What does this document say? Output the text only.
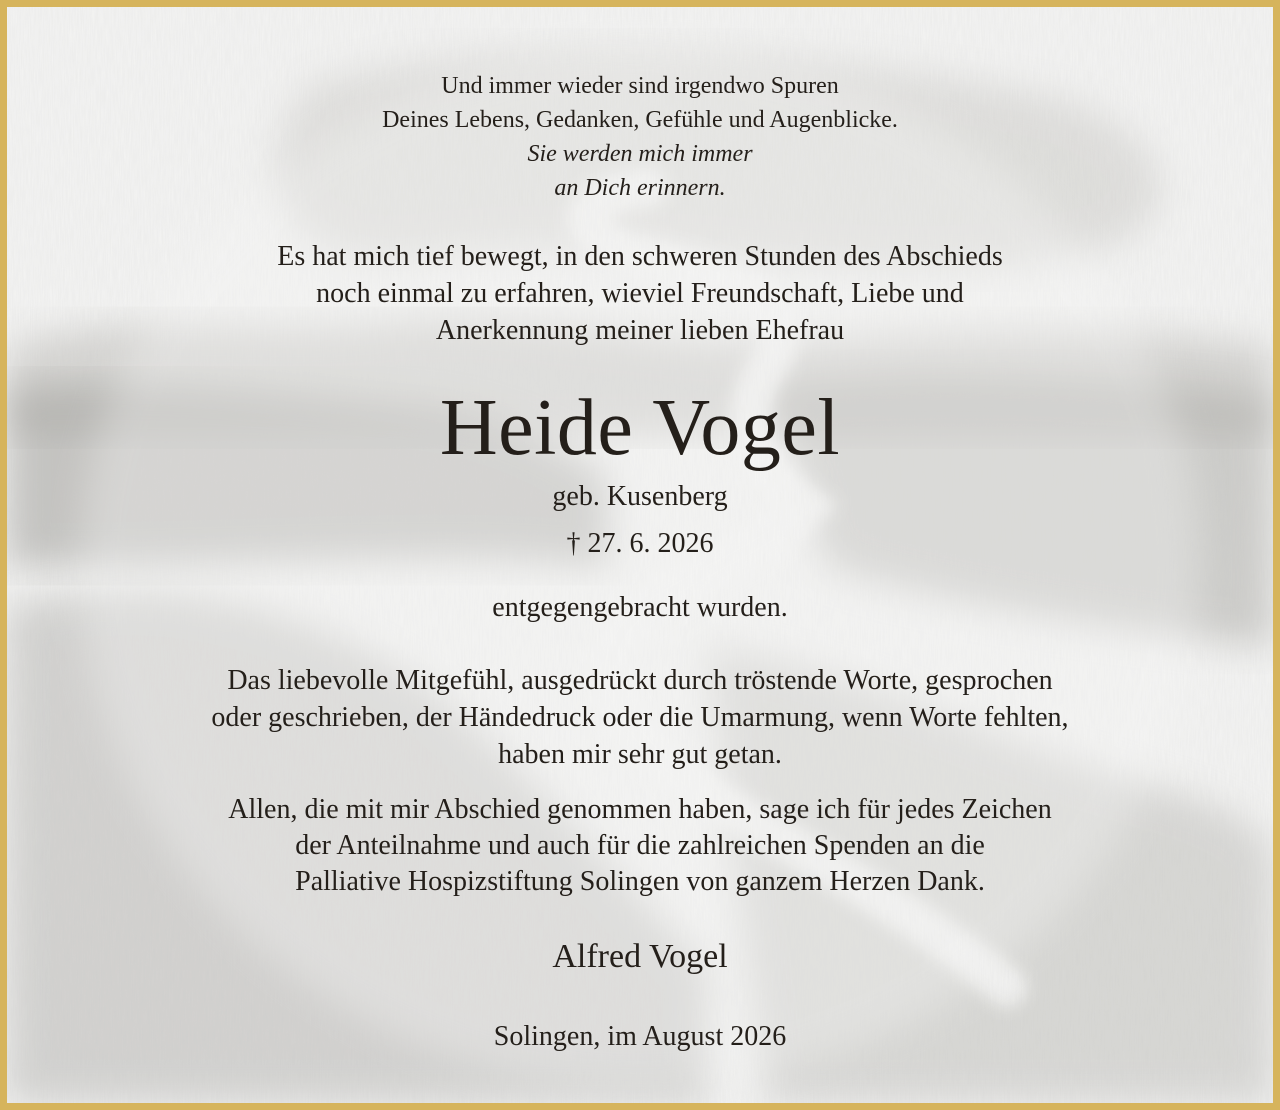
Und immer wieder sind irgendwo Spuren
Deines Lebens, Gedanken, Gefühle und Augenblicke.
Sie werden mich immer
an Dich erinnern.
Es hat mich tief bewegt, in den schweren Stunden des Abschieds
noch einmal zu erfahren, wieviel Freundschaft, Liebe und
Anerkennung meiner lieben Ehefrau
Heide Vogel
geb. Kusenberg
† 27. 6. 2026
entgegengebracht wurden.
Das liebevolle Mitgefühl, ausgedrückt durch tröstende Worte, gesprochen
oder geschrieben, der Händedruck oder die Umarmung, wenn Worte fehlten,
haben mir sehr gut getan.
Allen, die mit mir Abschied genommen haben, sage ich für jedes Zeichen
der Anteilnahme und auch für die zahlreichen Spenden an die
Palliative Hospizstiftung Solingen von ganzem Herzen Dank.
Alfred Vogel
Solingen, im August 2026
